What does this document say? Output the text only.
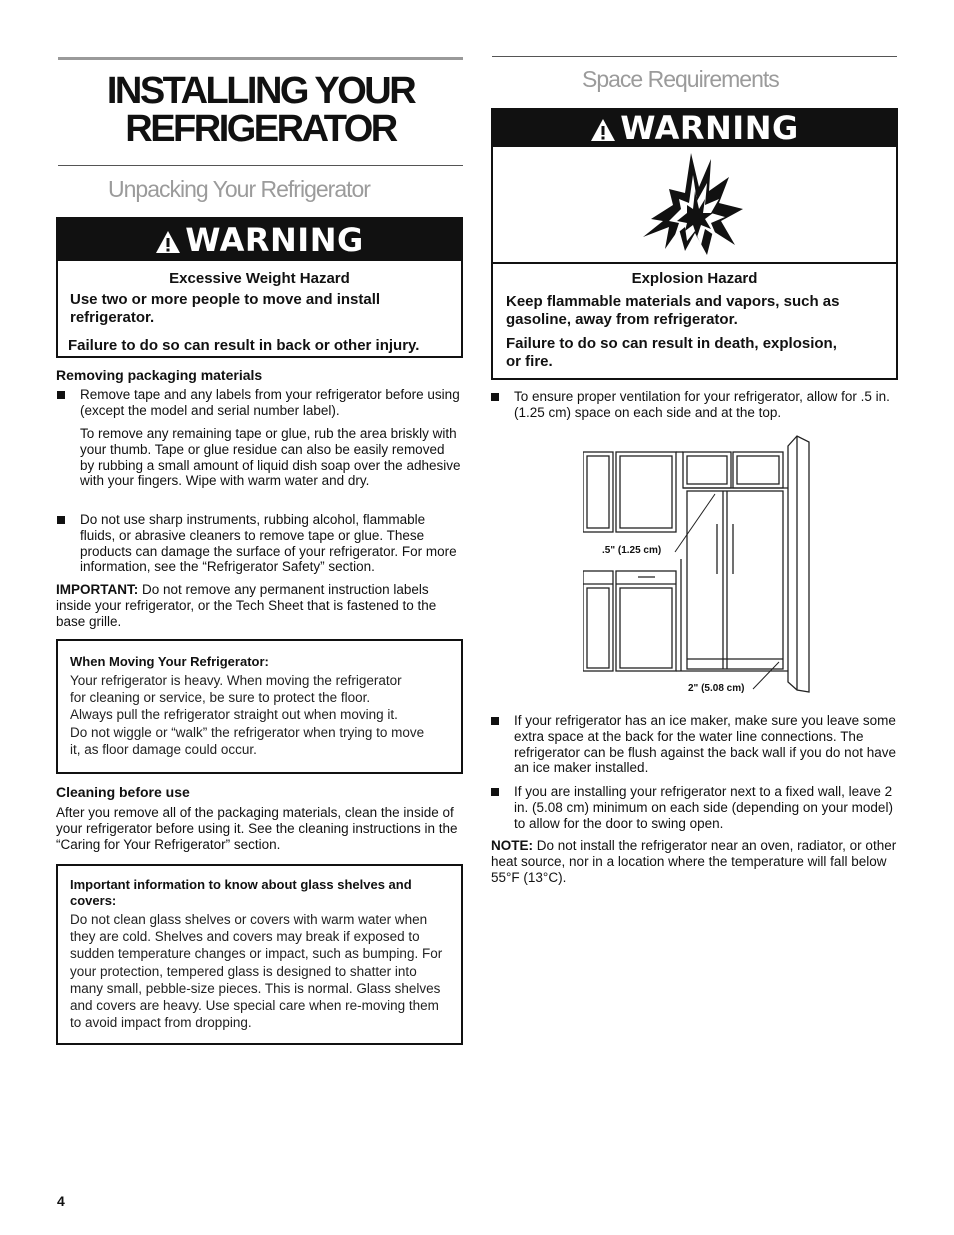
INSTALLING YOUR
REFRIGERATOR
Unpacking Your Refrigerator
WARNING
Excessive Weight Hazard
Use two or more people to move and install refrigerator.
Failure to do so can result in back or other injury.
Removing packaging materials
Remove tape and any labels from your refrigerator before using (except the model and serial number label).
To remove any remaining tape or glue, rub the area briskly with your thumb. Tape or glue residue can also be easily removed by rubbing a small amount of liquid dish soap over the adhesive with your fingers. Wipe with warm water and dry.
Do not use sharp instruments, rubbing alcohol, flammable fluids, or abrasive cleaners to remove tape or glue. These products can damage the surface of your refrigerator. For more information, see the “Refrigerator Safety” section.
IMPORTANT: Do not remove any permanent instruction labels inside your refrigerator, or the Tech Sheet that is fastened to the base grille.
When Moving Your Refrigerator:
Your refrigerator is heavy. When moving the refrigerator
for cleaning or service, be sure to protect the floor.
Always pull the refrigerator straight out when moving it.
Do not wiggle or “walk” the refrigerator when trying to move
it, as floor damage could occur.
Cleaning before use
After you remove all of the packaging materials, clean the inside of your refrigerator before using it. See the cleaning instructions in the “Caring for Your Refrigerator” section.
Important information to know about glass shelves and covers:
Do not clean glass shelves or covers with warm water when they are cold. Shelves and covers may break if exposed to sudden temperature changes or impact, such as bumping. For your protection, tempered glass is designed to shatter into many small, pebble-size pieces. This is normal. Glass shelves and covers are heavy. Use special care when re-moving them to avoid impact from dropping.
4
Space Requirements
WARNING
Explosion Hazard
Keep flammable materials and vapors, such as gasoline, away from refrigerator.
Failure to do so can result in death, explosion, or fire.
To ensure proper ventilation for your refrigerator, allow for .5 in. (1.25 cm) space on each side and at the top.
.5" (1.25 cm)
2" (5.08 cm)
If your refrigerator has an ice maker, make sure you leave some extra space at the back for the water line connections. The refrigerator can be flush against the back wall if you do not have an ice maker installed.
If you are installing your refrigerator next to a fixed wall, leave 2 in. (5.08 cm) minimum on each side (depending on your model) to allow for the door to swing open.
NOTE: Do not install the refrigerator near an oven, radiator, or other heat source, nor in a location where the temperature will fall below 55°F (13°C).
